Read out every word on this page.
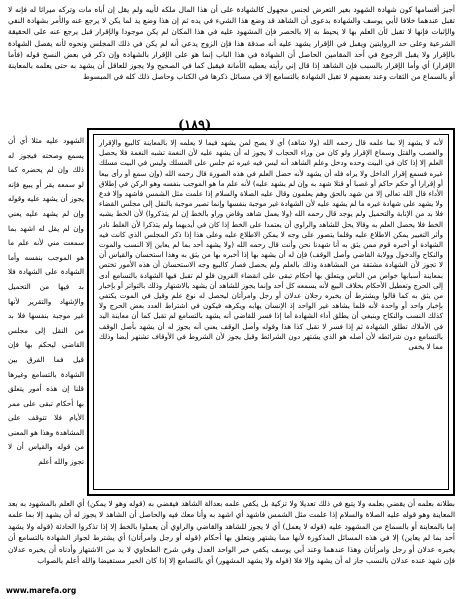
أجيز أقسامها كون شهادة الشهود بغير التعرض لجنس مجهول كالشهادة على أن هذا المال ملكه لأبيه ولم يقل إن أباه مات وتركه ميراثا له فإنه لا تقبل عندهما خلافا لأبي يوسف والشهادة بدعوى أن الشاهد قد وضع هذا الشيء في يده ثم إن هذا وضع يد لما يكن لا يرجع عنه والأمر بشهادة النفي والإثبات فإنها لا تقبل لأن العلم بها لا يحيط به إلا بالحصر فإن المشهود عليه في هذا المكان لم يكن موجودا والإقرار قبل يرجع عنه على الحقيقة الشرعية وعلى حد الروايتين ويقبل في الإقرار يشهد عليه أنه صدقة هذا فإن الزوج يدعي أنه لم يكن في ذلك المجلس ونحوه لأنه يفصل الشهادة بالإقرار ولا يقبل الرجوع في أحد المقامين الحاصل أن الشهادة في هذا الباب إنما هو على الإقرار بالشهادة وإن ذكر في بعض النسخ قوله (فأما الإقرار) أي وأما الإقرار بالسبب فإن الشاهد إذا قال إني رأيته يعطيه الأمانة فيقبل كما في الصحيح ولا يجوز للعاقل أن يشهد به حتى يعلمه بالمعاينة أو بالسماع من الثقات وعند بعضهم لا تقبل الشهادة بالتسامع إلا في مسائل ذكرها في الكتاب وحاصل ذلك كله في المبسوط
(١٨٩)
لأنه لا يشهد إلا بما علمه قال رحمه الله (ولا شاهد) أي لا يصح لمن يشهد فيما لا يعلمه إلا بالمعاينة كالبيع والإقرار والغصب والقتل وسماع الإقرار ولو كان من وراء الحجاب لا يجوز له أن يشهد عليه لأن النغمة تشبه النغمة فلا يحصل العلم إلا إذا كان في البيت وحده ودخل وعلم الشاهد أنه ليس فيه غيره ثم جلس على المسلك وليس في البيت مسلك غيره فسمع إقرار الداخل ولا يراه فله أن يشهد لأنه حصل العلم في هذه الصورة قال رحمه الله (وإن سمع أو رأى بيعا أو إقرارا أو حكم حاكم أو غصبا أو قتلا شهد به وإن لم يشهد عليه) لأنه علم ما هو الموجب بنفسه وهو الركن في إطلاق الأداء قال الله تعالى إلا من شهد بالحق وهم يعلمون وقال عليه الصلاة والسلام إذا علمت مثل الشمس فاشهد وإلا فدع ولا يشهد على شهادة غيره ما لم يشهد عليه لأن الشهادة غير موجبة بنفسها وإنما تصير موجبة بالنقل إلى مجلس القضاء فلا بد من الإنابة والتحميل ولم يوجد قال رحمه الله (ولا يعمل شاهد وقاض وراو بالخط إن لم يتذكروا) لأن الخط يشبه الخط فلا يحصل العلم به وقالا يحل للشاهد والراوي أن يعتمدا على الخط إذا كان في أيديهما ولم يتذكرا لأن الغلط نادر وأثر التغيير يمكن الاطلاع عليه وقلما يتصور على وجه لا يمكن الاطلاع عليه وعلى هذا إذا ذكر المجلس الذي كانت فيه الشهادة أو أخبره قوم ممن يثق به أنا شهدنا نحن وأنت قال رحمه الله (ولا يشهد أحد بما لم يعاين إلا النسب والموت والنكاح والدخول وولاية القاضي وأصل الوقف) فإن له أن يشهد بها إذا أخبره بها من يثق به وهذا استحسان والقياس أن لا تجوز لأن الشهادة مشتقة من المشاهدة وذلك بالعلم ولم يحصل فصار كالبيع وجه الاستحسان أن هذه الأمور تختص بمعاينة أسبابها خواص من الناس ويتعلق بها أحكام تبقى على انقضاء القرون فلو لم تقبل فيها الشهادة بالتسامع أدى إلى الحرج وتعطيل الأحكام بخلاف البيع لأنه يسمعه كل أحد وإنما يجوز للشاهد أن يشهد بالاشتهار وذلك بالتواتر أو بإخبار من يثق به كما قالوا ويشترط أن يخبره رجلان عدلان أو رجل وامرأتان ليحصل له نوع علم وقيل في الموت يكتفي بإخبار واحد أو واحدة لأنه قلما يشاهد غير الواحد إذ الإنسان يهابه ويكرهه فيكون في اشتراط العدد بعض الحرج ولا كذلك النسب والنكاح وينبغي أن يطلق أداء الشهادة أما إذا فسر للقاضي أنه يشهد بالتسامع لم تقبل كما أن معاينة اليد في الأملاك تطلق الشهادة ثم إذا فسر لا تقبل كذا هذا وقوله وأصل الوقف يعني أنه يجوز له أن يشهد بأصل الوقف بالتسامع دون شرائطه لأن أصله هو الذي يشتهر دون الشرائط وقيل يجوز لأن الشروط في الأوقاف تشتهر أيضا وذلك مما لا يخفى
الشهود عليه مثلا أي أن يسمع وصحته فيجوز له ذلك وإن لم يحضره كما لو سمعه يقر أو يبيع فإنه يجوز أن يشهد عليه وقوله وإن لم يشهد عليه يعني وإن لم يقل له اشهد بما سمعت مني لأنه علم ما هو الموجب بنفسه وأما الشهادة على الشهادة فلا بد فيها من التحميل والإشهاد والتقرير لأنها غير موجبة بنفسها فلا بد من النقل إلى مجلس القاضي ليحكم بها فإن قيل فما الفرق بين الشهادة بالتسامع وغيرها قلنا إن هذه أمور يتعلق بها أحكام تبقى على ممر الأيام فلا تتوقف على المشاهدة وهذا هو المعنى من قوله والقياس أن لا تجوز والله أعلم
بطلانه بعلمه أن يقضي بعلمه ولا يتبع في ذلك تعديلا ولا تزكية بل يكفي علمه بعدالة الشاهد فيقضي به (قوله وهو لا يمكن) أي العلم بالمشهود به بعد المعاينة وهو قوله عليه الصلاة والسلام إذا علمت مثل الشمس فاشهد أي اشهد به وأنا معك فيه والحاصل أن الشاهد لا يجوز له أن يشهد إلا بما علمه إما بالمعاينة أو بالسماع من المشهود عليه (قوله لا يعمل) أي لا يجوز للشاهد والقاضي والراوي أن يعملوا بالخط إلا إذا تذكروا الحادثة (قوله ولا يشهد أحد بما لم يعاين) إلا في هذه المسائل المذكورة لأنها مما يشتهر ويتعلق بها أحكام (قوله أو رجل وامرأتان) أي يشترط لجواز الشهادة بالتسامع أن يخبره عدلان أو رجل وامرأتان وهذا عندهما وعند أبي يوسف يكفي خبر الواحد العدل وفي شرح الطحاوي لا بد من الاشتهار وأدناه أن يخبره عدلان فإن شهد عنده عدلان بالنسب جاز له أن يشهد وإلا فلا (قوله ولا يشهد المشهور) أي بالتسامع إلا إذا كان الخبر مستفيضا والله أعلم بالصواب
www.marefa.org
